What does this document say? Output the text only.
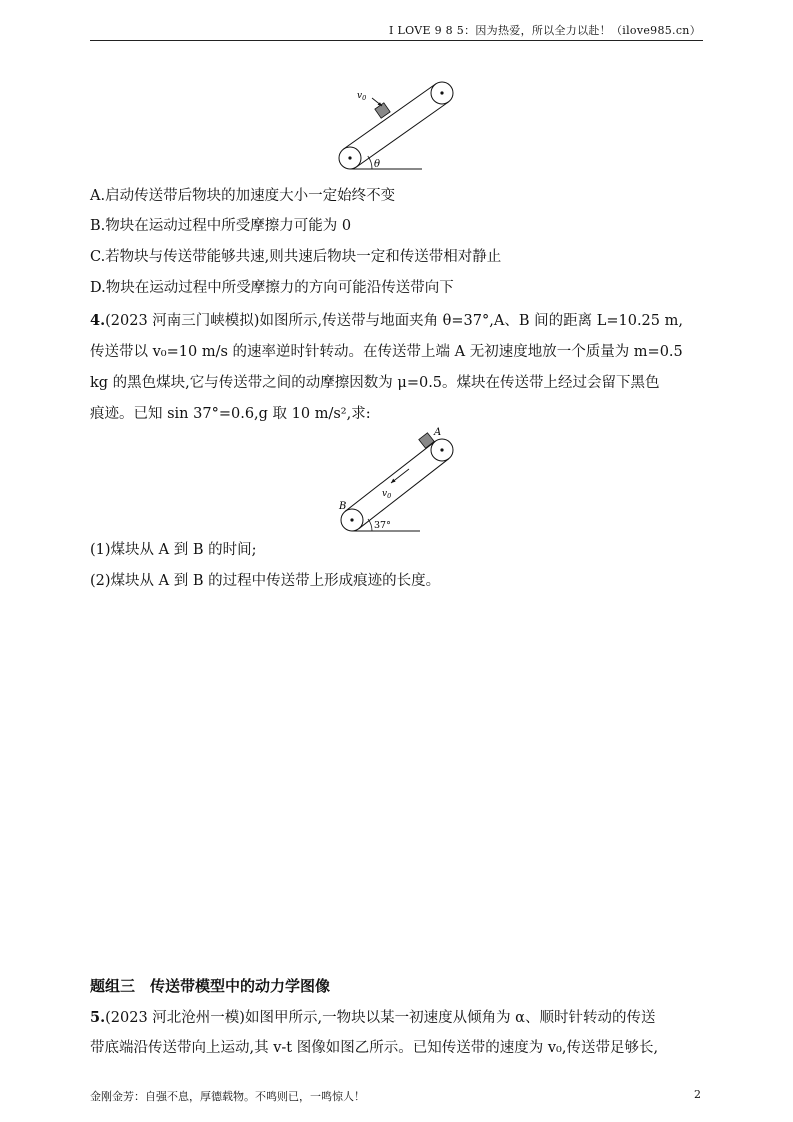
I LOVE 9 8 5：因为热爱，所以全力以赴！（ilove985.cn）
θ
$v_0$
A.启动传送带后物块的加速度大小一定始终不变
B.物块在运动过程中所受摩擦力可能为 0
C.若物块与传送带能够共速,则共速后物块一定和传送带相对静止
D.物块在运动过程中所受摩擦力的方向可能沿传送带向下
4.(2023 河南三门峡模拟)如图所示,传送带与地面夹角 θ=37°,A、B 间的距离 L=10.25 m,
传送带以 v₀=10 m/s 的速率逆时针转动。在传送带上端 A 无初速度地放一个质量为 m=0.5
kg 的黑色煤块,它与传送带之间的动摩擦因数为 μ=0.5。煤块在传送带上经过会留下黑色
痕迹。已知 sin 37°=0.6,g 取 10 m/s²,求:
37°
A
B
$v_0$
(1)煤块从 A 到 B 的时间;
(2)煤块从 A 到 B 的过程中传送带上形成痕迹的长度。
题组三　传送带模型中的动力学图像
5.(2023 河北沧州一模)如图甲所示,一物块以某一初速度从倾角为 α、顺时针转动的传送
带底端沿传送带向上运动,其 v-t 图像如图乙所示。已知传送带的速度为 v₀,传送带足够长,
金刚金芳：自强不息，厚德载物。不鸣则已，一鸣惊人！	2
